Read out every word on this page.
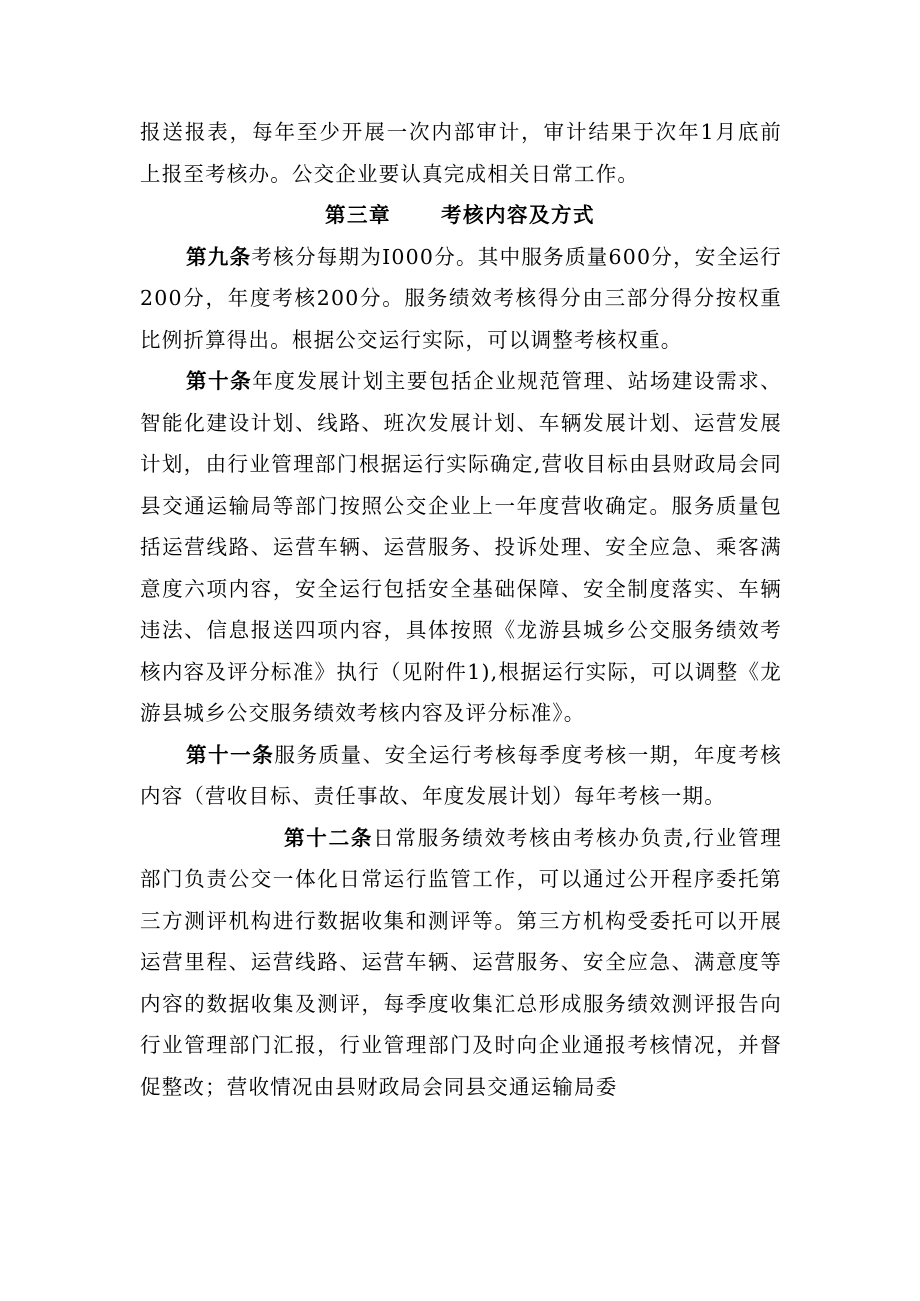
报送报表，每年至少开展一次内部审计，审计结果于次年1月底前上报至考核办。公交企业要认真完成相关日常工作。

第三章 考核内容及方式

第九条考核分每期为I000分。其中服务质量600分，安全运行200分，年度考核200分。服务绩效考核得分由三部分得分按权重比例折算得出。根据公交运行实际，可以调整考核权重。

第十条年度发展计划主要包括企业规范管理、站场建设需求、智能化建设计划、线路、班次发展计划、车辆发展计划、运营发展计划，由行业管理部门根据运行实际确定,营收目标由县财政局会同县交通运输局等部门按照公交企业上一年度营收确定。服务质量包括运营线路、运营车辆、运营服务、投诉处理、安全应急、乘客满意度六项内容，安全运行包括安全基础保障、安全制度落实、车辆违法、信息报送四项内容，具体按照《龙游县城乡公交服务绩效考核内容及评分标准》执行（见附件1),根据运行实际，可以调整《龙游县城乡公交服务绩效考核内容及评分标准》。

第十一条服务质量、安全运行考核每季度考核一期，年度考核内容（营收目标、责任事故、年度发展计划）每年考核一期。

第十二条日常服务绩效考核由考核办负责,行业管理部门负责公交一体化日常运行监管工作，可以通过公开程序委托第三方测评机构进行数据收集和测评等。第三方机构受委托可以开展运营里程、运营线路、运营车辆、运营服务、安全应急、满意度等内容的数据收集及测评，每季度收集汇总形成服务绩效测评报告向行业管理部门汇报，行业管理部门及时向企业通报考核情况，并督促整改；营收情况由县财政局会同县交通运输局委
